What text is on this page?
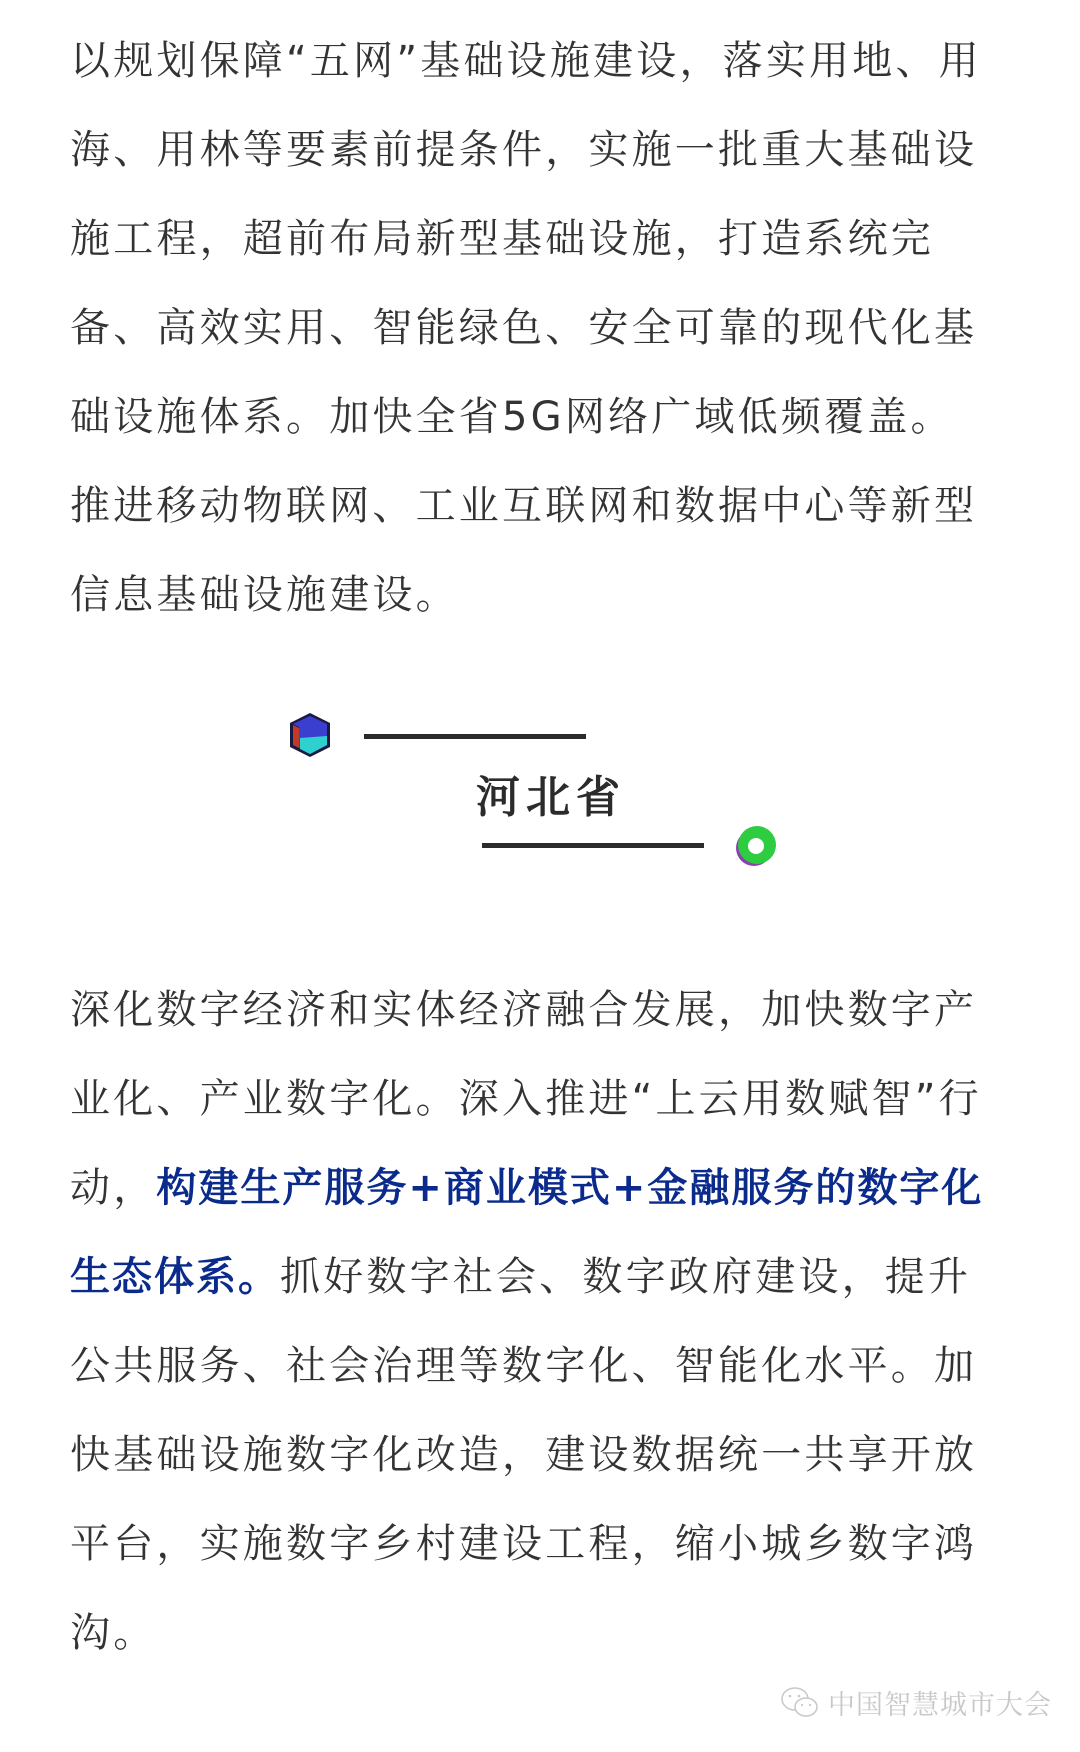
以规划保障“五网”基础设施建设，落实用地、用
海、用林等要素前提条件，实施一批重大基础设
施工程，超前布局新型基础设施，打造系统完
备、高效实用、智能绿色、安全可靠的现代化基
础设施体系。加快全省5G网络广域低频覆盖。
推进移动物联网、工业互联网和数据中心等新型
信息基础设施建设。
河北省
深化数字经济和实体经济融合发展，加快数字产
业化、产业数字化。深入推进“上云用数赋智”行
动，构建生产服务+商业模式+金融服务的数字化
生态体系。抓好数字社会、数字政府建设，提升
公共服务、社会治理等数字化、智能化水平。加
快基础设施数字化改造，建设数据统一共享开放
平台，实施数字乡村建设工程，缩小城乡数字鸿
沟。
中国智慧城市大会
